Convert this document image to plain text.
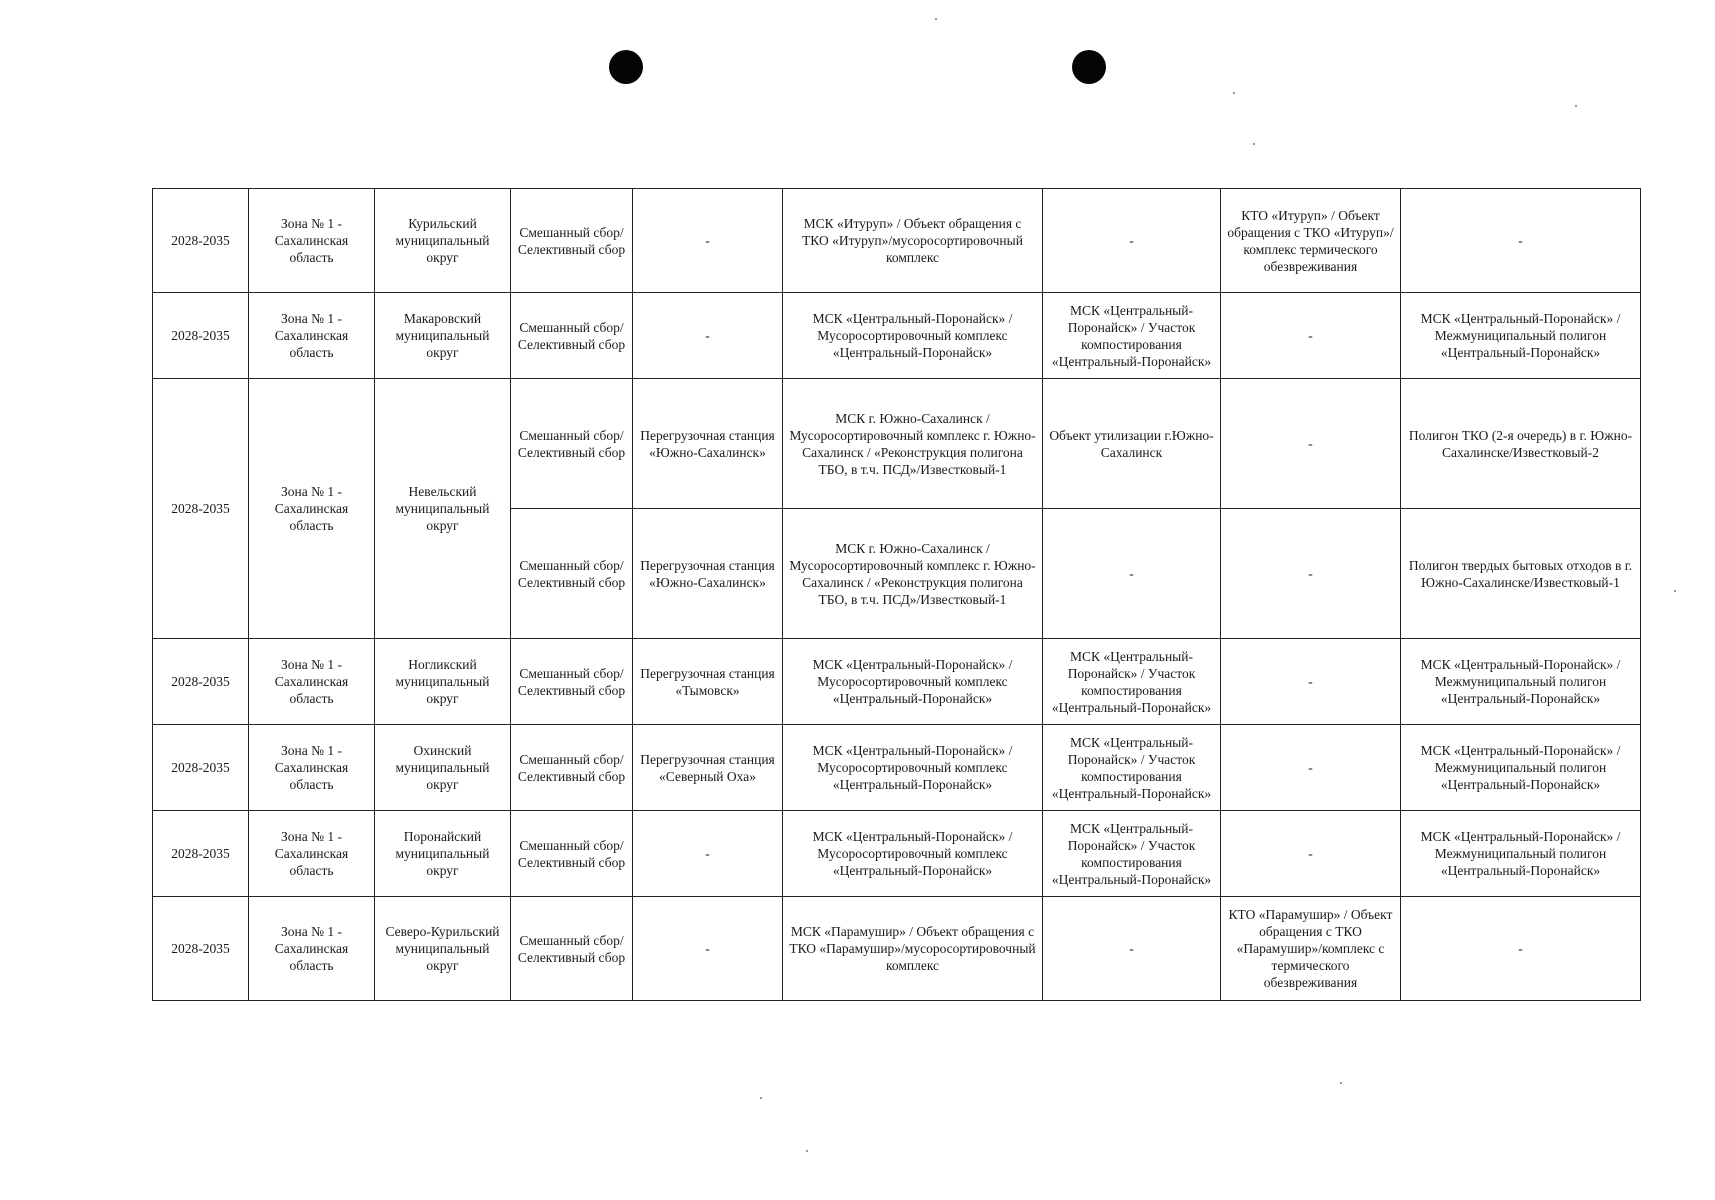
2028-2035	Зона № 1 - Сахалинская область	Курильский муниципальный округ	Смешанный сбор/ Селективный сбор	-	МСК «Итуруп» / Объект обращения с ТКО «Итуруп»/мусоросортировочный комплекс	-	КТО «Итуруп» / Объект обращения с ТКО «Итуруп»/комплекс термического обезвреживания	-
2028-2035	Зона № 1 - Сахалинская область	Макаровский муниципальный округ	Смешанный сбор/ Селективный сбор	-	МСК «Центральный-Поронайск» / Мусоросортировочный комплекс «Центральный-Поронайск»	МСК «Центральный-Поронайск» / Участок компостирования «Центральный-Поронайск»	-	МСК «Центральный-Поронайск» / Межмуниципальный полигон «Центральный-Поронайск»
2028-2035	Зона № 1 - Сахалинская область	Невельский муниципальный округ	Смешанный сбор/ Селективный сбор	Перегрузочная станция «Южно-Сахалинск»	МСК г. Южно-Сахалинск / Мусоросортировочный комплекс г. Южно-Сахалинск / «Реконструкция полигона ТБО, в т.ч. ПСД»/Известковый-1	Объект утилизации г.Южно-Сахалинск	-	Полигон ТКО (2-я очередь) в г. Южно-Сахалинске/Известковый-2
			Смешанный сбор/ Селективный сбор	Перегрузочная станция «Южно-Сахалинск»	МСК г. Южно-Сахалинск / Мусоросортировочный комплекс г. Южно-Сахалинск / «Реконструкция полигона ТБО, в т.ч. ПСД»/Известковый-1	-	-	Полигон твердых бытовых отходов в г. Южно-Сахалинске/Известковый-1
2028-2035	Зона № 1 - Сахалинская область	Ногликский муниципальный округ	Смешанный сбор/ Селективный сбор	Перегрузочная станция «Тымовск»	МСК «Центральный-Поронайск» / Мусоросортировочный комплекс «Центральный-Поронайск»	МСК «Центральный-Поронайск» / Участок компостирования «Центральный-Поронайск»	-	МСК «Центральный-Поронайск» / Межмуниципальный полигон «Центральный-Поронайск»
2028-2035	Зона № 1 - Сахалинская область	Охинский муниципальный округ	Смешанный сбор/ Селективный сбор	Перегрузочная станция «Северный Оха»	МСК «Центральный-Поронайск» / Мусоросортировочный комплекс «Центральный-Поронайск»	МСК «Центральный-Поронайск» / Участок компостирования «Центральный-Поронайск»	-	МСК «Центральный-Поронайск» / Межмуниципальный полигон «Центральный-Поронайск»
2028-2035	Зона № 1 - Сахалинская область	Поронайский муниципальный округ	Смешанный сбор/ Селективный сбор	-	МСК «Центральный-Поронайск» / Мусоросортировочный комплекс «Центральный-Поронайск»	МСК «Центральный-Поронайск» / Участок компостирования «Центральный-Поронайск»	-	МСК «Центральный-Поронайск» / Межмуниципальный полигон «Центральный-Поронайск»
2028-2035	Зона № 1 - Сахалинская область	Северо-Курильский муниципальный округ	Смешанный сбор/ Селективный сбор	-	МСК «Парамушир» / Объект обращения с ТКО «Парамушир»/мусоросортировочный комплекс	-	КТО «Парамушир» / Объект обращения с ТКО «Парамушир»/комплекс с термического обезвреживания	-
